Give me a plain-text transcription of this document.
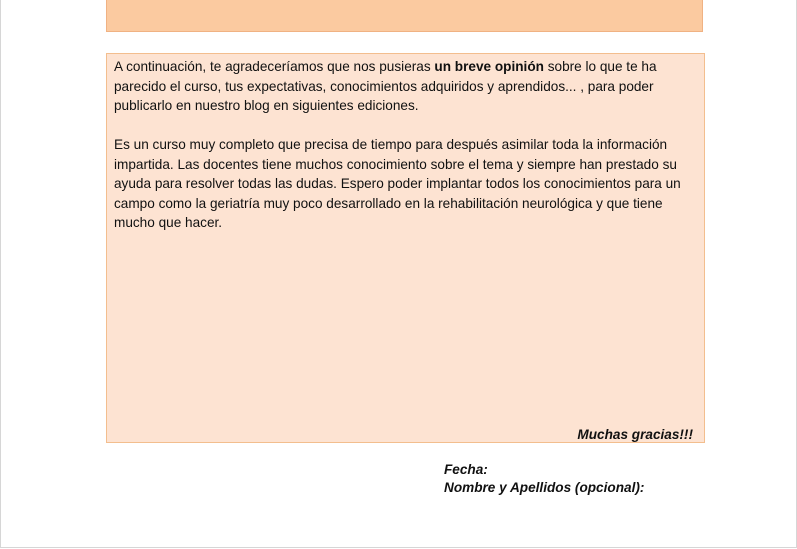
A continuación, te agradeceríamos que nos pusieras un breve opinión sobre lo que te ha parecido el curso, tus expectativas, conocimientos adquiridos y aprendidos... , para poder publicarlo en nuestro blog en siguientes ediciones.

Es un curso muy completo que precisa de tiempo para después asimilar toda la información impartida. Las docentes tiene muchos conocimiento sobre el tema y siempre han prestado su ayuda para resolver todas las dudas. Espero poder implantar todos los conocimientos para un campo como la geriatría muy poco desarrollado en la rehabilitación neurológica y que tiene mucho que hacer.

Muchas gracias!!!
Fecha:
Nombre y Apellidos (opcional):
